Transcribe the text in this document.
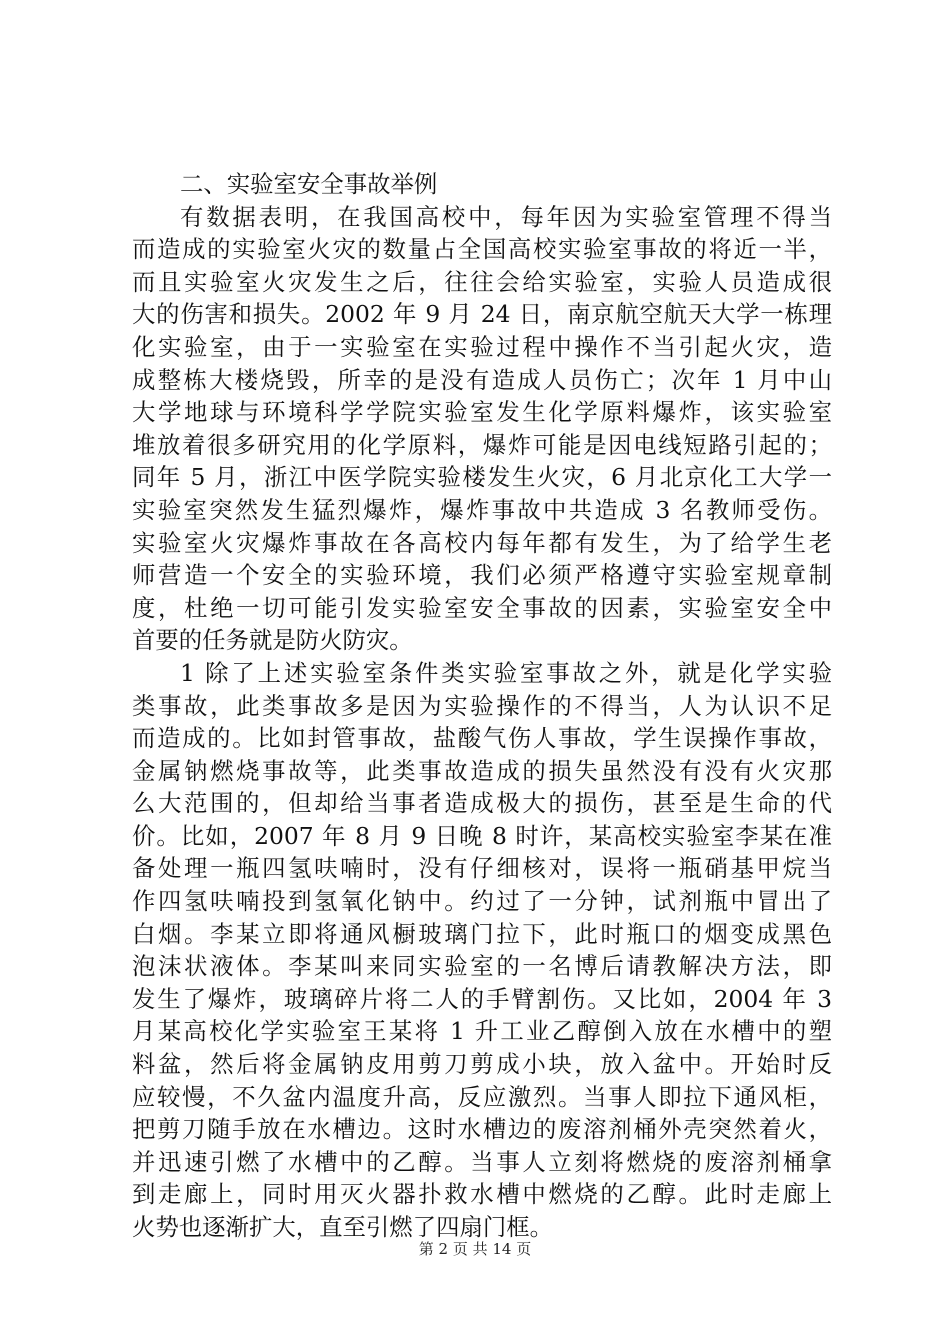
二、实验室安全事故举例
有数据表明，在我国高校中，每年因为实验室管理不得当
而造成的实验室火灾的数量占全国高校实验室事故的将近一半，
而且实验室火灾发生之后，往往会给实验室，实验人员造成很
大的伤害和损失。2002 年 9 月 24 日，南京航空航天大学一栋理
化实验室，由于一实验室在实验过程中操作不当引起火灾，造
成整栋大楼烧毁，所幸的是没有造成人员伤亡；次年 1 月中山
大学地球与环境科学学院实验室发生化学原料爆炸，该实验室
堆放着很多研究用的化学原料，爆炸可能是因电线短路引起的；
同年 5 月，浙江中医学院实验楼发生火灾，6 月北京化工大学一
实验室突然发生猛烈爆炸，爆炸事故中共造成 3 名教师受伤。
实验室火灾爆炸事故在各高校内每年都有发生，为了给学生老
师营造一个安全的实验环境，我们必须严格遵守实验室规章制
度，杜绝一切可能引发实验室安全事故的因素，实验室安全中
首要的任务就是防火防灾。
1 除了上述实验室条件类实验室事故之外，就是化学实验
类事故，此类事故多是因为实验操作的不得当，人为认识不足
而造成的。比如封管事故，盐酸气伤人事故，学生误操作事故，
金属钠燃烧事故等，此类事故造成的损失虽然没有没有火灾那
么大范围的，但却给当事者造成极大的损伤，甚至是生命的代
价。比如，2007 年 8 月 9 日晚 8 时许，某高校实验室李某在准
备处理一瓶四氢呋喃时，没有仔细核对，误将一瓶硝基甲烷当
作四氢呋喃投到氢氧化钠中。约过了一分钟，试剂瓶中冒出了
白烟。李某立即将通风橱玻璃门拉下，此时瓶口的烟变成黑色
泡沫状液体。李某叫来同实验室的一名博后请教解决方法，即
发生了爆炸，玻璃碎片将二人的手臂割伤。又比如，2004 年 3
月某高校化学实验室王某将 1 升工业乙醇倒入放在水槽中的塑
料盆，然后将金属钠皮用剪刀剪成小块，放入盆中。开始时反
应较慢，不久盆内温度升高，反应激烈。当事人即拉下通风柜，
把剪刀随手放在水槽边。这时水槽边的废溶剂桶外壳突然着火，
并迅速引燃了水槽中的乙醇。当事人立刻将燃烧的废溶剂桶拿
到走廊上，同时用灭火器扑救水槽中燃烧的乙醇。此时走廊上
火势也逐渐扩大，直至引燃了四扇门框。
第 2 页 共 14 页
